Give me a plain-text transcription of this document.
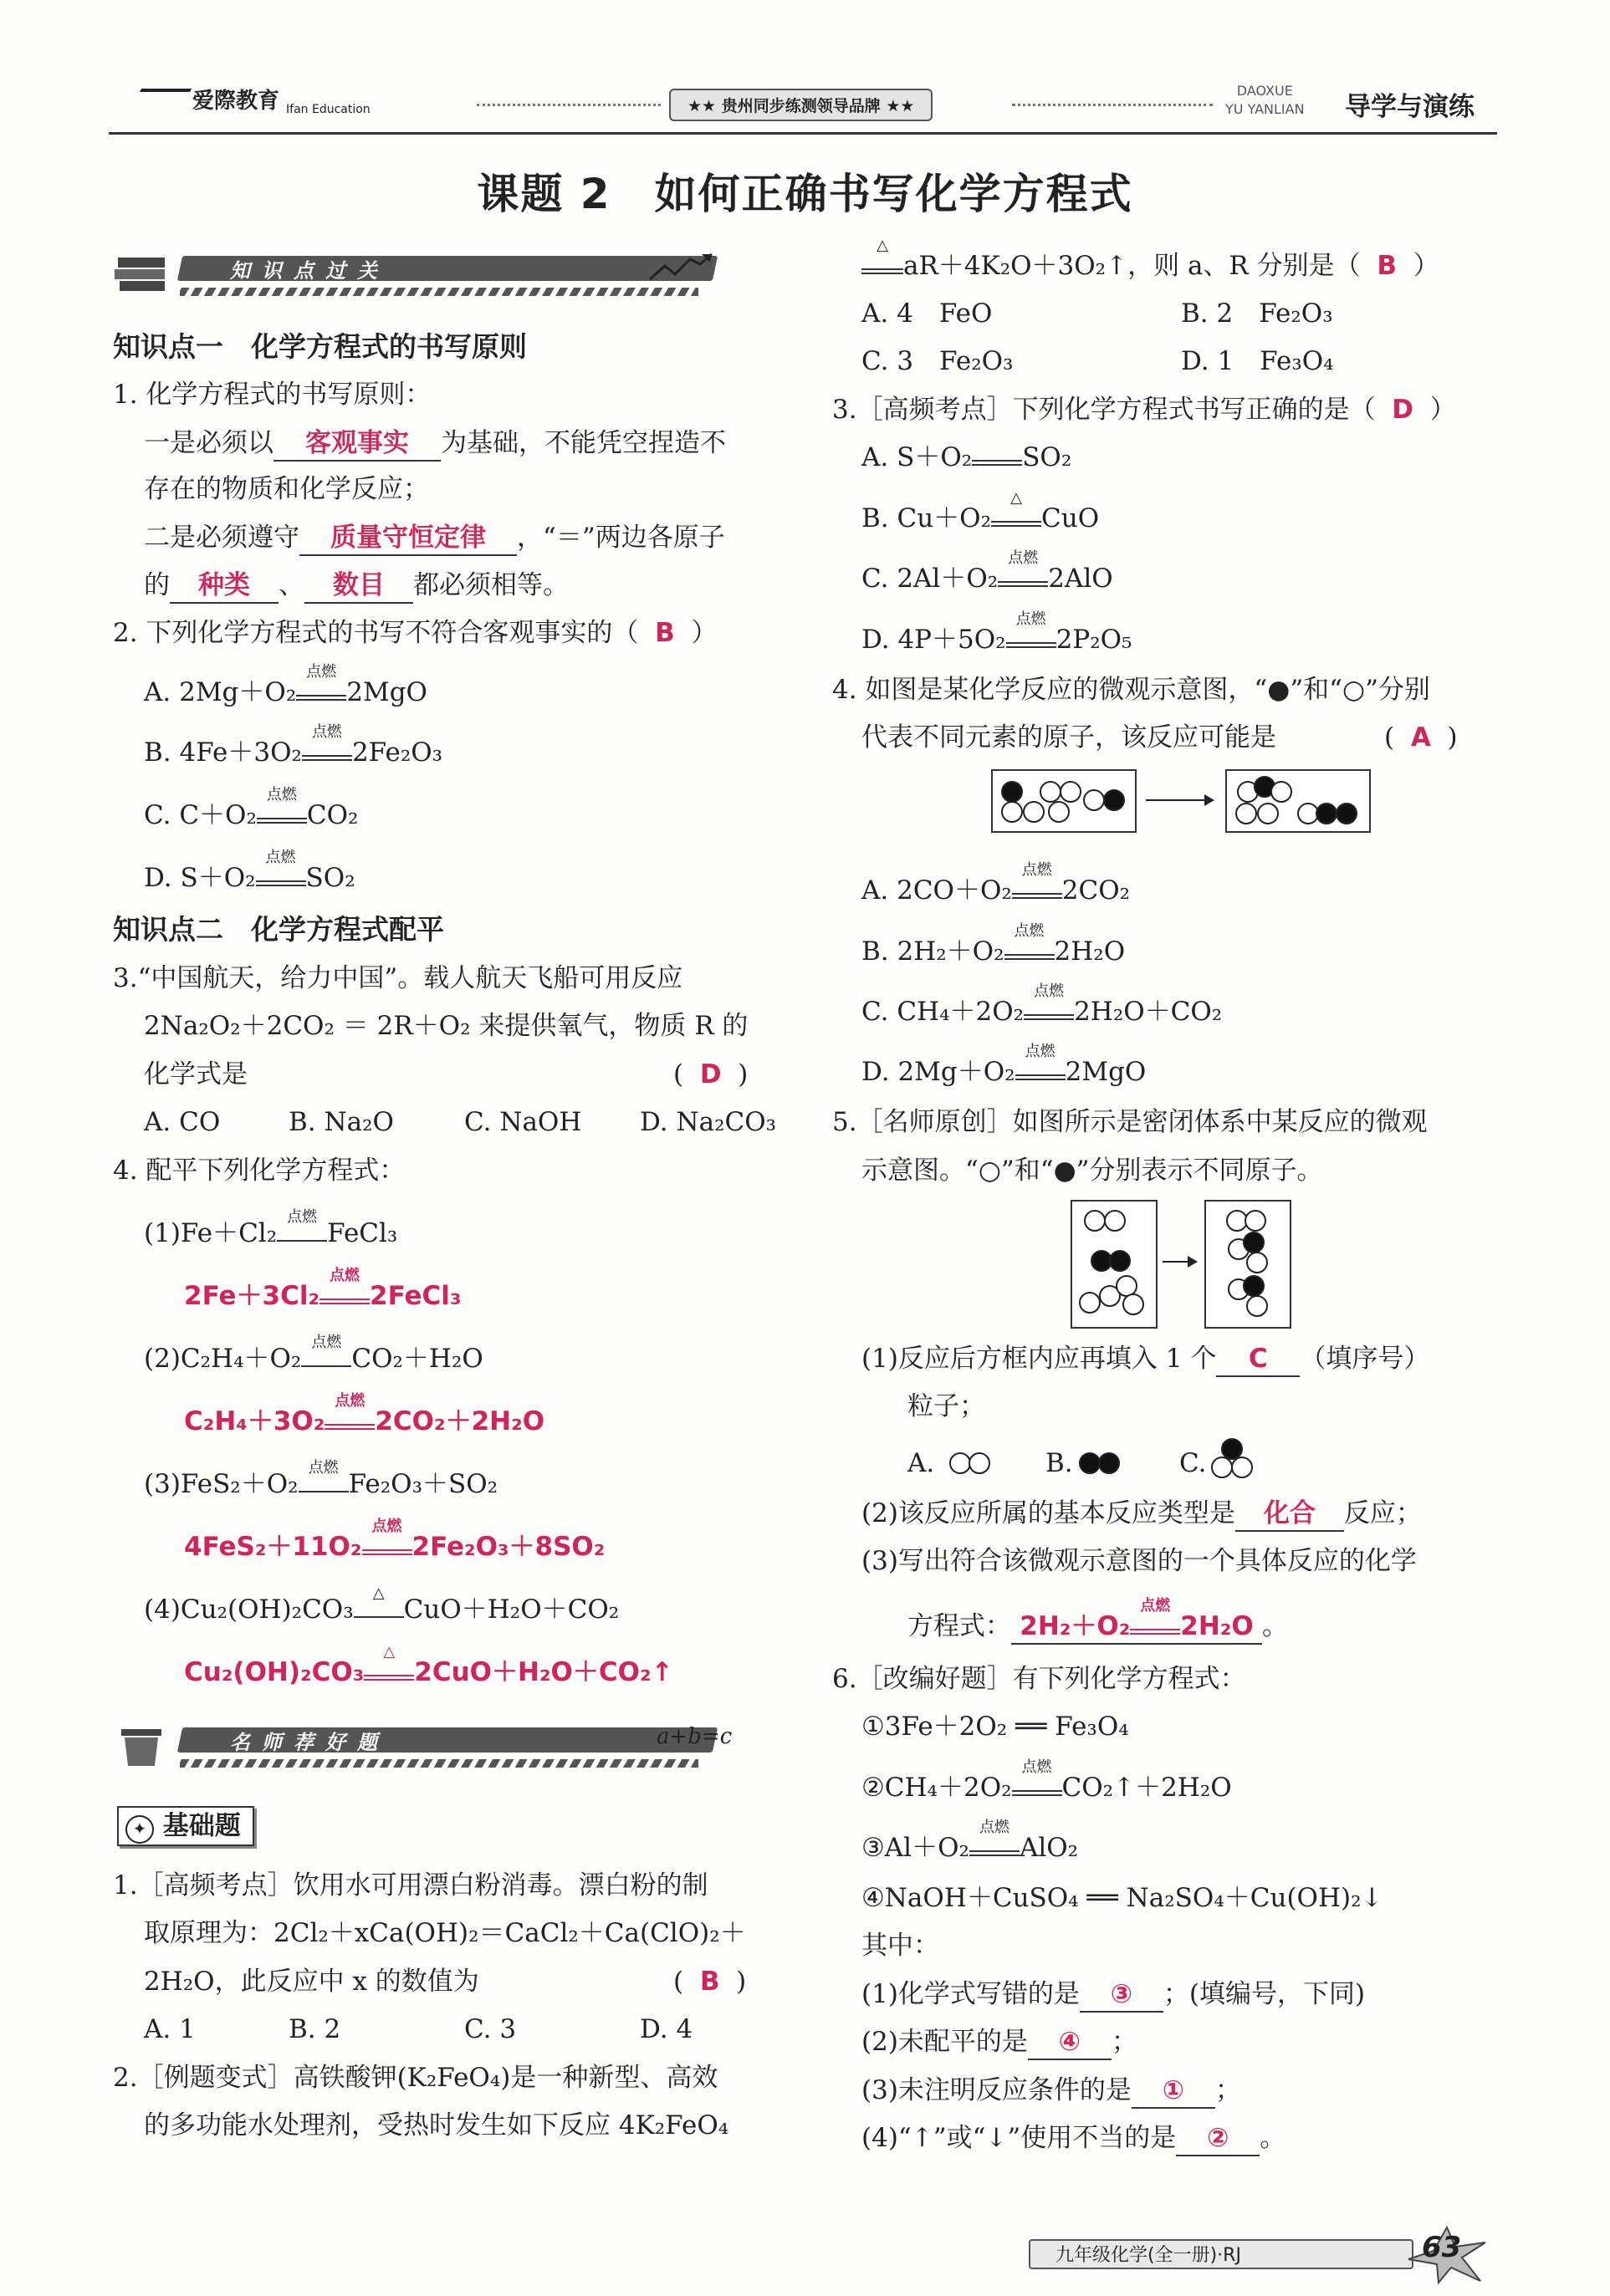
爱際教育 $_{Ifan Education}$	★★ 贵州同步练测领导品牌 ★★
DAOXUE
YU YANLIAN 导学与演练
课题 2　如何正确书写化学方程式
知识点过关
知识点一　化学方程式的书写原则
1. 化学方程式的书写原则：
一是必须以 客观事实 为基础，不能凭空捏造不
存在的物质和化学反应；
二是必须遵守 质量守恒定律 ，“＝”两边各原子
的 种类 、 数目 都必须相等。
2. 下列化学方程式的书写不符合客观事实的（ B ）
A. 2Mg＋O₂
点燃
2MgO
B. 4Fe＋3O₂
点燃
2Fe₂O₃
C. C＋O₂
点燃
CO₂
D. S＋O₂
点燃
SO₂
知识点二　化学方程式配平
3.“中国航天，给力中国”。载人航天飞船可用反应
2Na₂O₂＋2CO₂ ＝ 2R＋O₂ 来提供氧气，物质 R 的
化学式是	(  D  )
A. CO	B. Na₂O	C. NaOH D. Na₂CO₃
4. 配平下列化学方程式：
(1)Fe＋Cl₂
点燃
FeCl₃
2Fe＋3Cl₂
点燃
2FeCl₃
(2)C₂H₄＋O₂
点燃
CO₂＋H₂O
C₂H₄＋3O₂
点燃
2CO₂＋2H₂O
(3)FeS₂＋O₂
点燃
Fe₂O₃＋SO₂
4FeS₂＋11O₂
点燃
2Fe₂O₃＋8SO₂
(4)Cu₂(OH)₂CO₃
△
CuO＋H₂O＋CO₂
Cu₂(OH)₂CO₃
△
2CuO＋H₂O＋CO₂↑
名师荐好题	a+b=c
✦ 基础题
1.［高频考点］饮用水可用漂白粉消毒。漂白粉的制
取原理为：2Cl₂＋xCa(OH)₂＝CaCl₂＋Ca(ClO)₂＋
2H₂O，此反应中 x 的数值为	(  B  )
A. 1	B. 2	C. 3	D. 4
2.［例题变式］高铁酸钾(K₂FeO₄)是一种新型、高效
的多功能水处理剂，受热时发生如下反应 4K₂FeO₄
△
aR＋4K₂O＋3O₂↑，则 a、R 分别是（ B  ）
A. 4　FeO	B. 2　Fe₂O₃
C. 3　Fe₂O₃	D. 1　Fe₃O₄
3.［高频考点］下列化学方程式书写正确的是（ D  ）
A. S＋O₂ SO₂
B. Cu＋O₂
△
CuO
C. 2Al＋O₂
点燃
2AlO
D. 4P＋5O₂
点燃
2P₂O₅
4. 如图是某化学反应的微观示意图，“●”和“○”分别
代表不同元素的原子，该反应可能是	(  A  )
A. 2CO＋O₂
点燃
2CO₂
B. 2H₂＋O₂
点燃
2H₂O
C. CH₄＋2O₂
点燃
2H₂O＋CO₂
D. 2Mg＋O₂
点燃
2MgO
5.［名师原创］如图所示是密闭体系中某反应的微观
示意图。“○”和“●”分别表示不同原子。
(1)反应后方框内应再填入 1 个 C （填序号）
粒子；
A.	B.	C.
(2)该反应所属的基本反应类型是 化合 反应；
(3)写出符合该微观示意图的一个具体反应的化学
方程式： 2H₂＋O₂
点燃
2H₂O 。
6.［改编好题］有下列化学方程式：
①3Fe＋2O₂ ══ Fe₃O₄
②CH₄＋2O₂
点燃
CO₂↑＋2H₂O
③Al＋O₂
点燃
AlO₂
④NaOH＋CuSO₄ ══ Na₂SO₄＋Cu(OH)₂↓
其中：
(1)化学式写错的是 ③ ；(填编号，下同)
(2)未配平的是 ④ ；
(3)未注明反应条件的是 ① ；
(4)“↑”或“↓”使用不当的是 ② 。
九年级化学(全一册)·RJ	63
